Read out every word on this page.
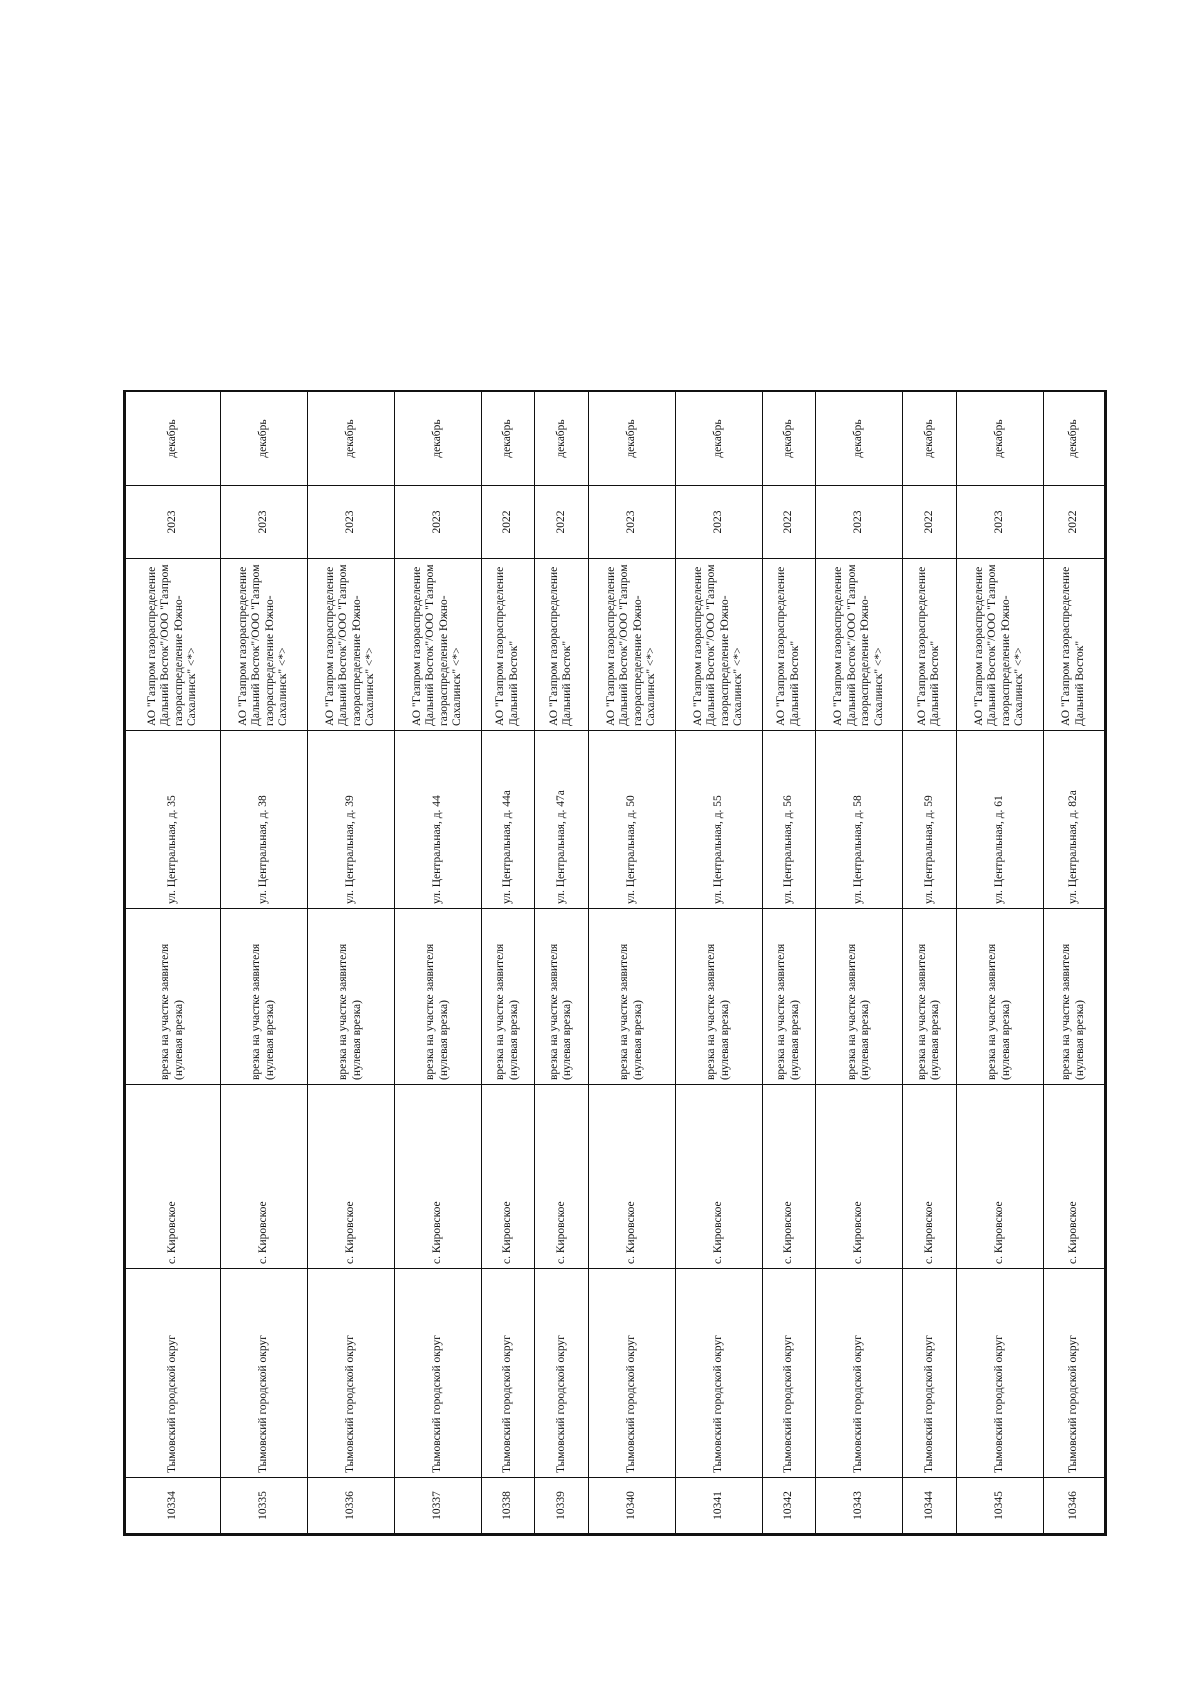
10334	Тымовский городской округ	с. Кировское	врезка на участке заявителя (нулевая врезка)	ул. Центральная, д. 35	АО "Газпром газораспределение Дальний Восток"/ООО "Газпром газораспределение Южно-Сахалинск" <*>	2023	декабрь
10335	Тымовский городской округ	с. Кировское	врезка на участке заявителя (нулевая врезка)	ул. Центральная, д. 38	АО "Газпром газораспределение Дальний Восток"/ООО "Газпром газораспределение Южно-Сахалинск" <*>	2023	декабрь
10336	Тымовский городской округ	с. Кировское	врезка на участке заявителя (нулевая врезка)	ул. Центральная, д. 39	АО "Газпром газораспределение Дальний Восток"/ООО "Газпром газораспределение Южно-Сахалинск" <*>	2023	декабрь
10337	Тымовский городской округ	с. Кировское	врезка на участке заявителя (нулевая врезка)	ул. Центральная, д. 44	АО "Газпром газораспределение Дальний Восток"/ООО "Газпром газораспределение Южно-Сахалинск" <*>	2023	декабрь
10338	Тымовский городской округ	с. Кировское	врезка на участке заявителя (нулевая врезка)	ул. Центральная, д. 44а	АО "Газпром газораспределение Дальний Восток"	2022	декабрь
10339	Тымовский городской округ	с. Кировское	врезка на участке заявителя (нулевая врезка)	ул. Центральная, д. 47а	АО "Газпром газораспределение Дальний Восток"	2022	декабрь
10340	Тымовский городской округ	с. Кировское	врезка на участке заявителя (нулевая врезка)	ул. Центральная, д. 50	АО "Газпром газораспределение Дальний Восток"/ООО "Газпром газораспределение Южно-Сахалинск" <*>	2023	декабрь
10341	Тымовский городской округ	с. Кировское	врезка на участке заявителя (нулевая врезка)	ул. Центральная, д. 55	АО "Газпром газораспределение Дальний Восток"/ООО "Газпром газораспределение Южно-Сахалинск" <*>	2023	декабрь
10342	Тымовский городской округ	с. Кировское	врезка на участке заявителя (нулевая врезка)	ул. Центральная, д. 56	АО "Газпром газораспределение Дальний Восток"	2022	декабрь
10343	Тымовский городской округ	с. Кировское	врезка на участке заявителя (нулевая врезка)	ул. Центральная, д. 58	АО "Газпром газораспределение Дальний Восток"/ООО "Газпром газораспределение Южно-Сахалинск" <*>	2023	декабрь
10344	Тымовский городской округ	с. Кировское	врезка на участке заявителя (нулевая врезка)	ул. Центральная, д. 59	АО "Газпром газораспределение Дальний Восток"	2022	декабрь
10345	Тымовский городской округ	с. Кировское	врезка на участке заявителя (нулевая врезка)	ул. Центральная, д. 61	АО "Газпром газораспределение Дальний Восток"/ООО "Газпром газораспределение Южно-Сахалинск" <*>	2023	декабрь
10346	Тымовский городской округ	с. Кировское	врезка на участке заявителя (нулевая врезка)	ул. Центральная, д. 82а	АО "Газпром газораспределение Дальний Восток"	2022	декабрь
